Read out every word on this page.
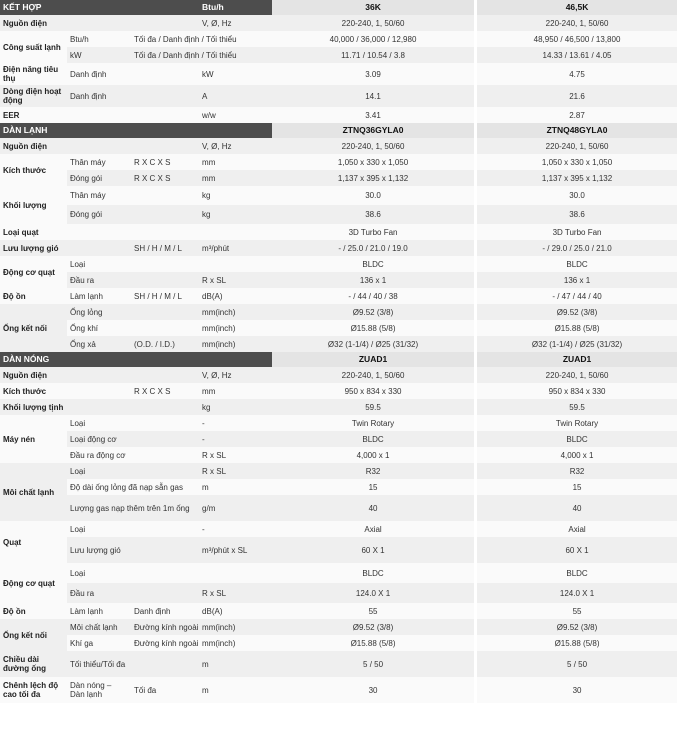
KẾT HỢP			Btu/h	36K		46,5K
Nguồn điện			V, Ø, Hz	220-240, 1, 50/60		220-240, 1, 50/60
Công suất lạnh	Btu/h	Tối đa / Danh định / Tối thiểu		40,000 / 36,000 / 12,980		48,950 / 46,500 / 13,800
	kW	Tối đa / Danh định / Tối thiểu		11.71 / 10.54 / 3.8		14.33 / 13.61 / 4.05
Điện năng tiêu thụ	Danh định		kW	3.09		4.75
Dòng điện hoạt động	Danh định		A	14.1		21.6
EER			w/w	3.41		2.87
DÀN LẠNH				ZTNQ36GYLA0		ZTNQ48GYLA0
Nguồn điện			V, Ø, Hz	220-240, 1, 50/60		220-240, 1, 50/60
Kích thước	Thân máy	R X C X S	mm	1,050 x 330 x 1,050		1,050 x 330 x 1,050
	Đóng gói	R X C X S	mm	1,137 x 395 x 1,132		1,137 x 395 x 1,132
Khối lượng	Thân máy		kg	30.0		30.0
	Đóng gói		kg	38.6		38.6
Loại quạt				3D Turbo Fan		3D Turbo Fan
Lưu lượng gió		SH / H / M / L	m³/phút	- / 25.0 / 21.0 / 19.0		- / 29.0 / 25.0 / 21.0
Động cơ quạt	Loại			BLDC		BLDC
	Đầu ra		R x SL	136 x 1		136 x 1
Độ ồn	Làm lạnh	SH / H / M / L	dB(A)	- / 44 / 40 / 38		- / 47 / 44 / 40
Ống kết nối	Ống lỏng		mm(inch)	Ø9.52 (3/8)		Ø9.52 (3/8)
	Ống khí		mm(inch)	Ø15.88 (5/8)		Ø15.88 (5/8)
	Ống xả	(O.D. / I.D.)	mm(inch)	Ø32 (1-1/4) / Ø25 (31/32)		Ø32 (1-1/4) / Ø25 (31/32)
DÀN NÓNG				ZUAD1		ZUAD1
Nguồn điện			V, Ø, Hz	220-240, 1, 50/60		220-240, 1, 50/60
Kích thước		R X C X S	mm	950 x 834 x 330		950 x 834 x 330
Khối lượng tịnh			kg	59.5		59.5
Máy nén	Loại		-	Twin Rotary		Twin Rotary
	Loại động cơ		-	BLDC		BLDC
	Đầu ra động cơ		R x SL	4,000 x 1		4,000 x 1
Môi chất lạnh	Loại		R x SL	R32		R32
	Độ dài ống lỏng đã nạp sẵn gas		m	15		15
	Lượng gas nạp thêm trên 1m ống		g/m	40		40
Quạt	Loại		-	Axial		Axial
	Lưu lượng gió		m³/phút x SL	60 X 1		60 X 1
Động cơ quạt	Loại			BLDC		BLDC
	Đầu ra		R x SL	124.0 X 1		124.0 X 1
Độ ồn	Làm lạnh	Danh định	dB(A)	55		55
Ống kết nối	Môi chất lạnh	Đường kính ngoài	mm(inch)	Ø9.52 (3/8)		Ø9.52 (3/8)
	Khí ga	Đường kính ngoài	mm(inch)	Ø15.88 (5/8)		Ø15.88 (5/8)
Chiều dài đường ống	Tối thiểu/Tối đa		m	5 / 50		5 / 50
Chênh lệch độ cao tối đa	Dàn nóng – Dàn lạnh	Tối đa	m	30		30
